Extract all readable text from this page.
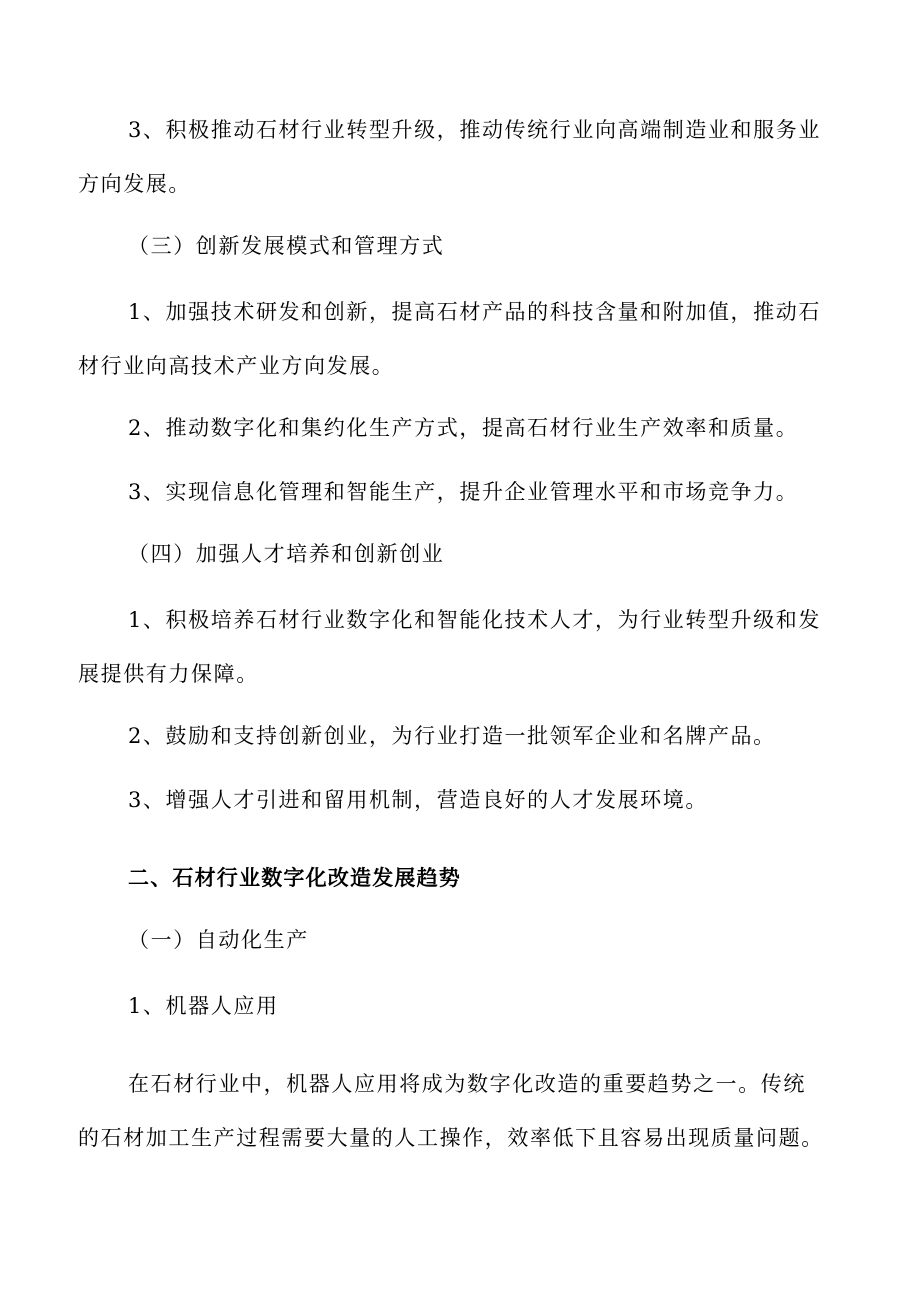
3、积极推动石材行业转型升级，推动传统行业向高端制造业和服务业
方向发展。
（三）创新发展模式和管理方式
1、加强技术研发和创新，提高石材产品的科技含量和附加值，推动石
材行业向高技术产业方向发展。
2、推动数字化和集约化生产方式，提高石材行业生产效率和质量。
3、实现信息化管理和智能生产，提升企业管理水平和市场竞争力。
（四）加强人才培养和创新创业
1、积极培养石材行业数字化和智能化技术人才，为行业转型升级和发
展提供有力保障。
2、鼓励和支持创新创业，为行业打造一批领军企业和名牌产品。
3、增强人才引进和留用机制，营造良好的人才发展环境。
二、石材行业数字化改造发展趋势
（一）自动化生产
1、机器人应用
在石材行业中，机器人应用将成为数字化改造的重要趋势之一。传统
的石材加工生产过程需要大量的人工操作，效率低下且容易出现质量问题。
